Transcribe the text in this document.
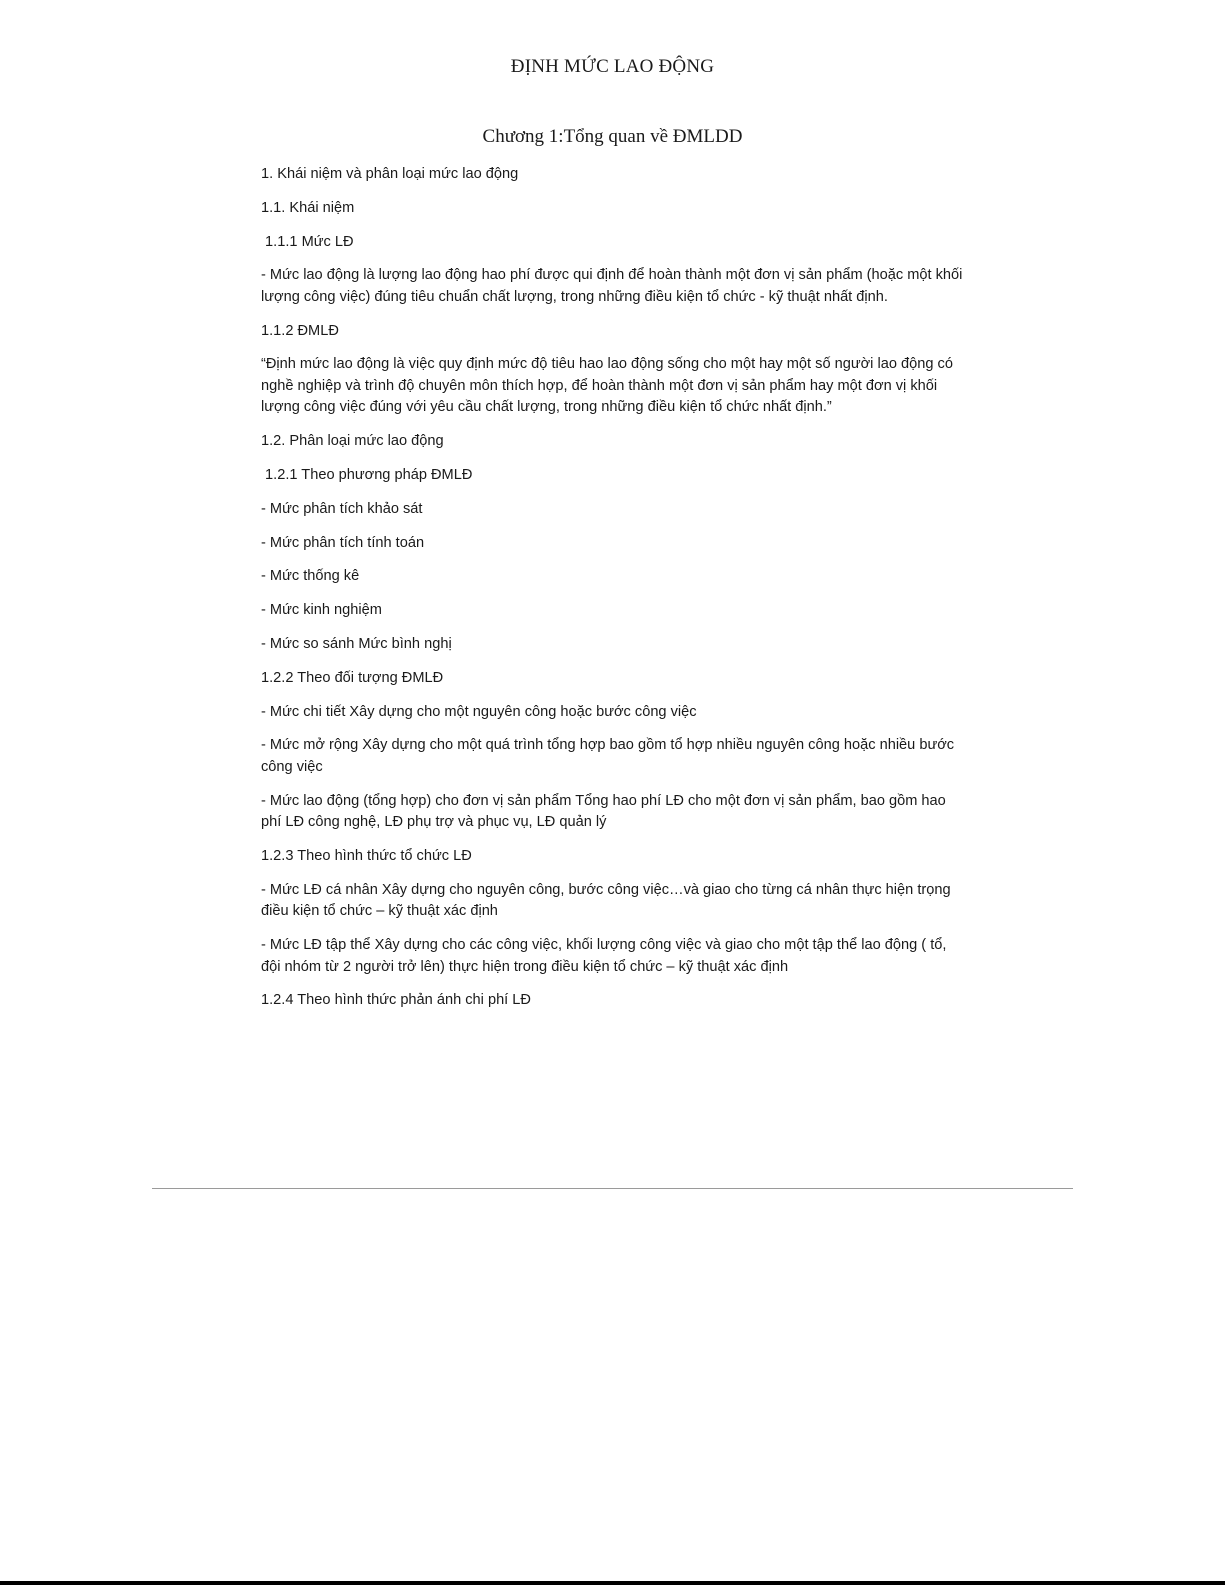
ĐỊNH MỨC LAO ĐỘNG
Chương 1:Tổng quan về ĐMLDD

1. Khái niệm và phân loại mức lao động

1.1. Khái niệm

1.1.1 Mức LĐ

- Mức lao động là lượng lao động hao phí được qui định để hoàn thành một đơn vị sản phẩm (hoặc một khối lượng công việc) đúng tiêu chuẩn chất lượng, trong những điều kiện tổ chức - kỹ thuật nhất định.

1.1.2 ĐMLĐ

“Định mức lao động là việc quy định mức độ tiêu hao lao động sống cho một hay một số người lao động có nghề nghiệp và trình độ chuyên môn thích hợp, để hoàn thành một đơn vị sản phẩm hay một đơn vị khối lượng công việc đúng với yêu cầu chất lượng, trong những điều kiện tổ chức nhất định.”

1.2. Phân loại mức lao động

1.2.1 Theo phương pháp ĐMLĐ

- Mức phân tích khảo sát

- Mức phân tích tính toán

- Mức thống kê

- Mức kinh nghiệm

- Mức so sánh Mức bình nghị

1.2.2 Theo đối tượng ĐMLĐ

- Mức chi tiết Xây dựng cho một nguyên công hoặc bước công việc

- Mức mở rộng Xây dựng cho một quá trình tổng hợp bao gồm tổ hợp nhiều nguyên công hoặc nhiều bước công việc

- Mức lao động (tổng hợp) cho đơn vị sản phẩm Tổng hao phí LĐ cho một đơn vị sản phẩm, bao gồm hao phí LĐ công nghệ, LĐ phụ trợ và phục vụ, LĐ quản lý

1.2.3 Theo hình thức tổ chức LĐ

- Mức LĐ cá nhân Xây dựng cho nguyên công, bước công việc…và giao cho từng cá nhân thực hiện trọng điều kiện tổ chức – kỹ thuật xác định

- Mức LĐ tập thể Xây dựng cho các công việc, khối lượng công việc và giao cho một tập thể lao động ( tổ, đội nhóm từ 2 người trở lên) thực hiện trong điều kiện tổ chức – kỹ thuật xác định

1.2.4 Theo hình thức phản ánh chi phí LĐ
